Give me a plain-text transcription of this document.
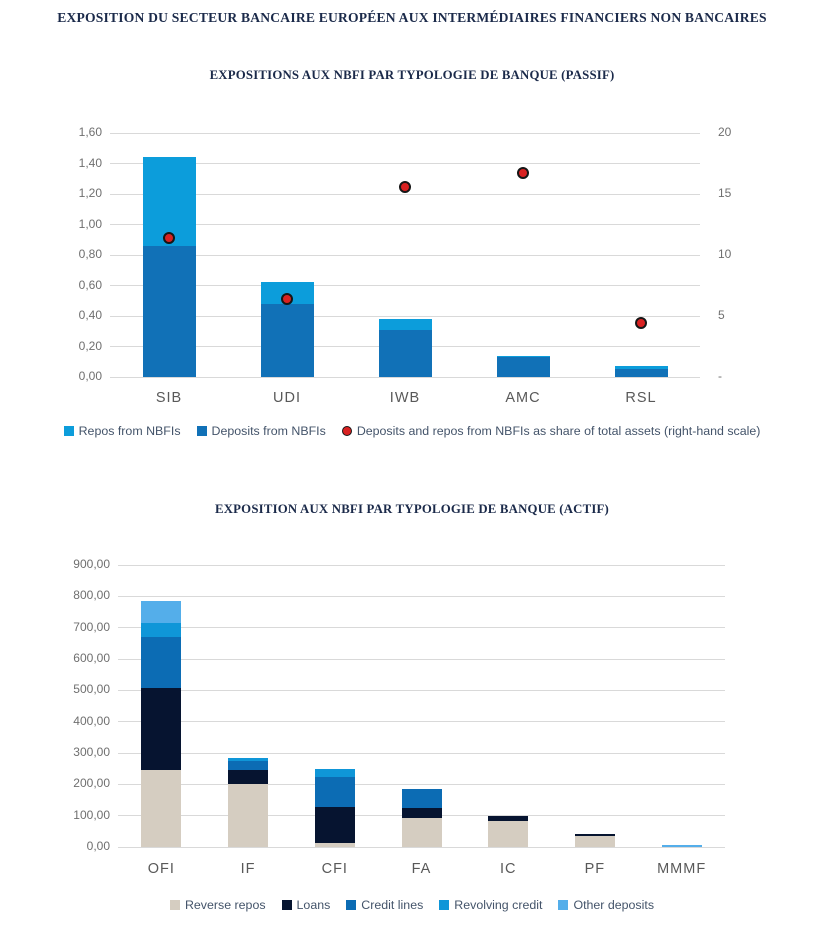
EXPOSITION DU SECTEUR BANCAIRE EUROPÉEN AUX INTERMÉDIAIRES FINANCIERS NON BANCAIRES
EXPOSITIONS AUX NBFI PAR TYPOLOGIE DE BANQUE (PASSIF)
1,60
1,40
1,20
1,00
0,80
0,60
0,40
0,20
0,00
20
15
10
5
-
SIB	UDI	IWB	AMC	RSL
Repos from NBFIs	Deposits from NBFIs	Deposits and repos from NBFIs as share of total assets (right-hand scale)
EXPOSITION AUX NBFI PAR TYPOLOGIE DE BANQUE (ACTIF)
900,00
800,00
700,00
600,00
500,00
400,00
300,00
200,00
100,00
0,00
OFI	IF	CFI	FA	IC	PF	MMMF
Reverse repos	Loans	Credit lines	Revolving credit	Other deposits
